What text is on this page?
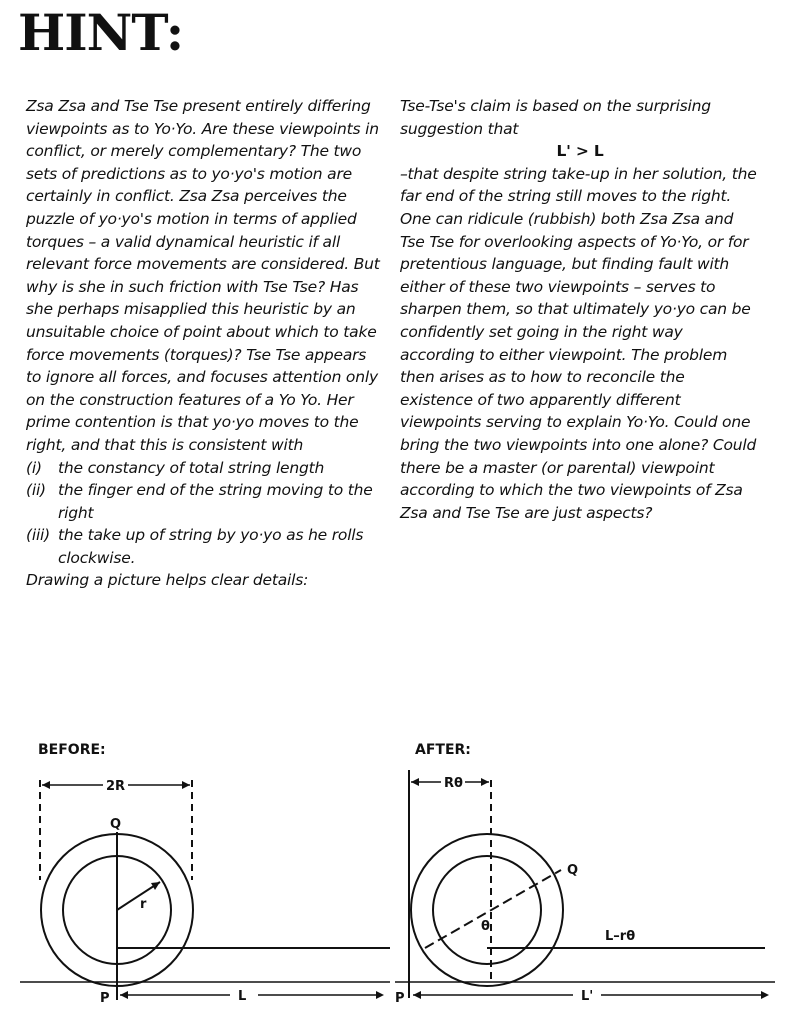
HINT:

Zsa Zsa and Tse Tse present entirely differing viewpoints as to Yo·Yo. Are these viewpoints in conflict, or merely complementary? The two sets of predictions as to yo·yo's motion are certainly in conflict. Zsa Zsa perceives the puzzle of yo·yo's motion in terms of applied torques – a valid dynamical heuristic if all relevant force movements are considered. But why is she in such friction with Tse Tse? Has she perhaps misapplied this heuristic by an unsuitable choice of point about which to take force movements (torques)? Tse Tse appears to ignore all forces, and focuses attention only on the construction features of a Yo Yo. Her prime contention is that yo·yo moves to the right, and that this is consistent with

(i)	the constancy of total string length
(ii) the finger end of the string moving to the right
(iii) the take up of string by yo·yo as he rolls clockwise.

Drawing a picture helps clear details:

Tse-Tse's claim is based on the surprising suggestion that

L' > L

–that despite string take-up in her solution, the far end of the string still moves to the right.

One can ridicule (rubbish) both Zsa Zsa and Tse Tse for overlooking aspects of Yo·Yo, or for pretentious language, but finding fault with either of these two viewpoints – serves to sharpen them, so that ultimately yo·yo can be confidently set going in the right way according to either viewpoint. The problem then arises as to how to reconcile the existence of two apparently different viewpoints serving to explain Yo·Yo. Could one bring the two viewpoints into one alone? Could there be a master (or parental) viewpoint according to which the two viewpoints of Zsa Zsa and Tse Tse are just aspects?

BEFORE:	AFTER:
2R
Q
r
P	L
Rθ
Q
θ
L–rθ
P	L'
